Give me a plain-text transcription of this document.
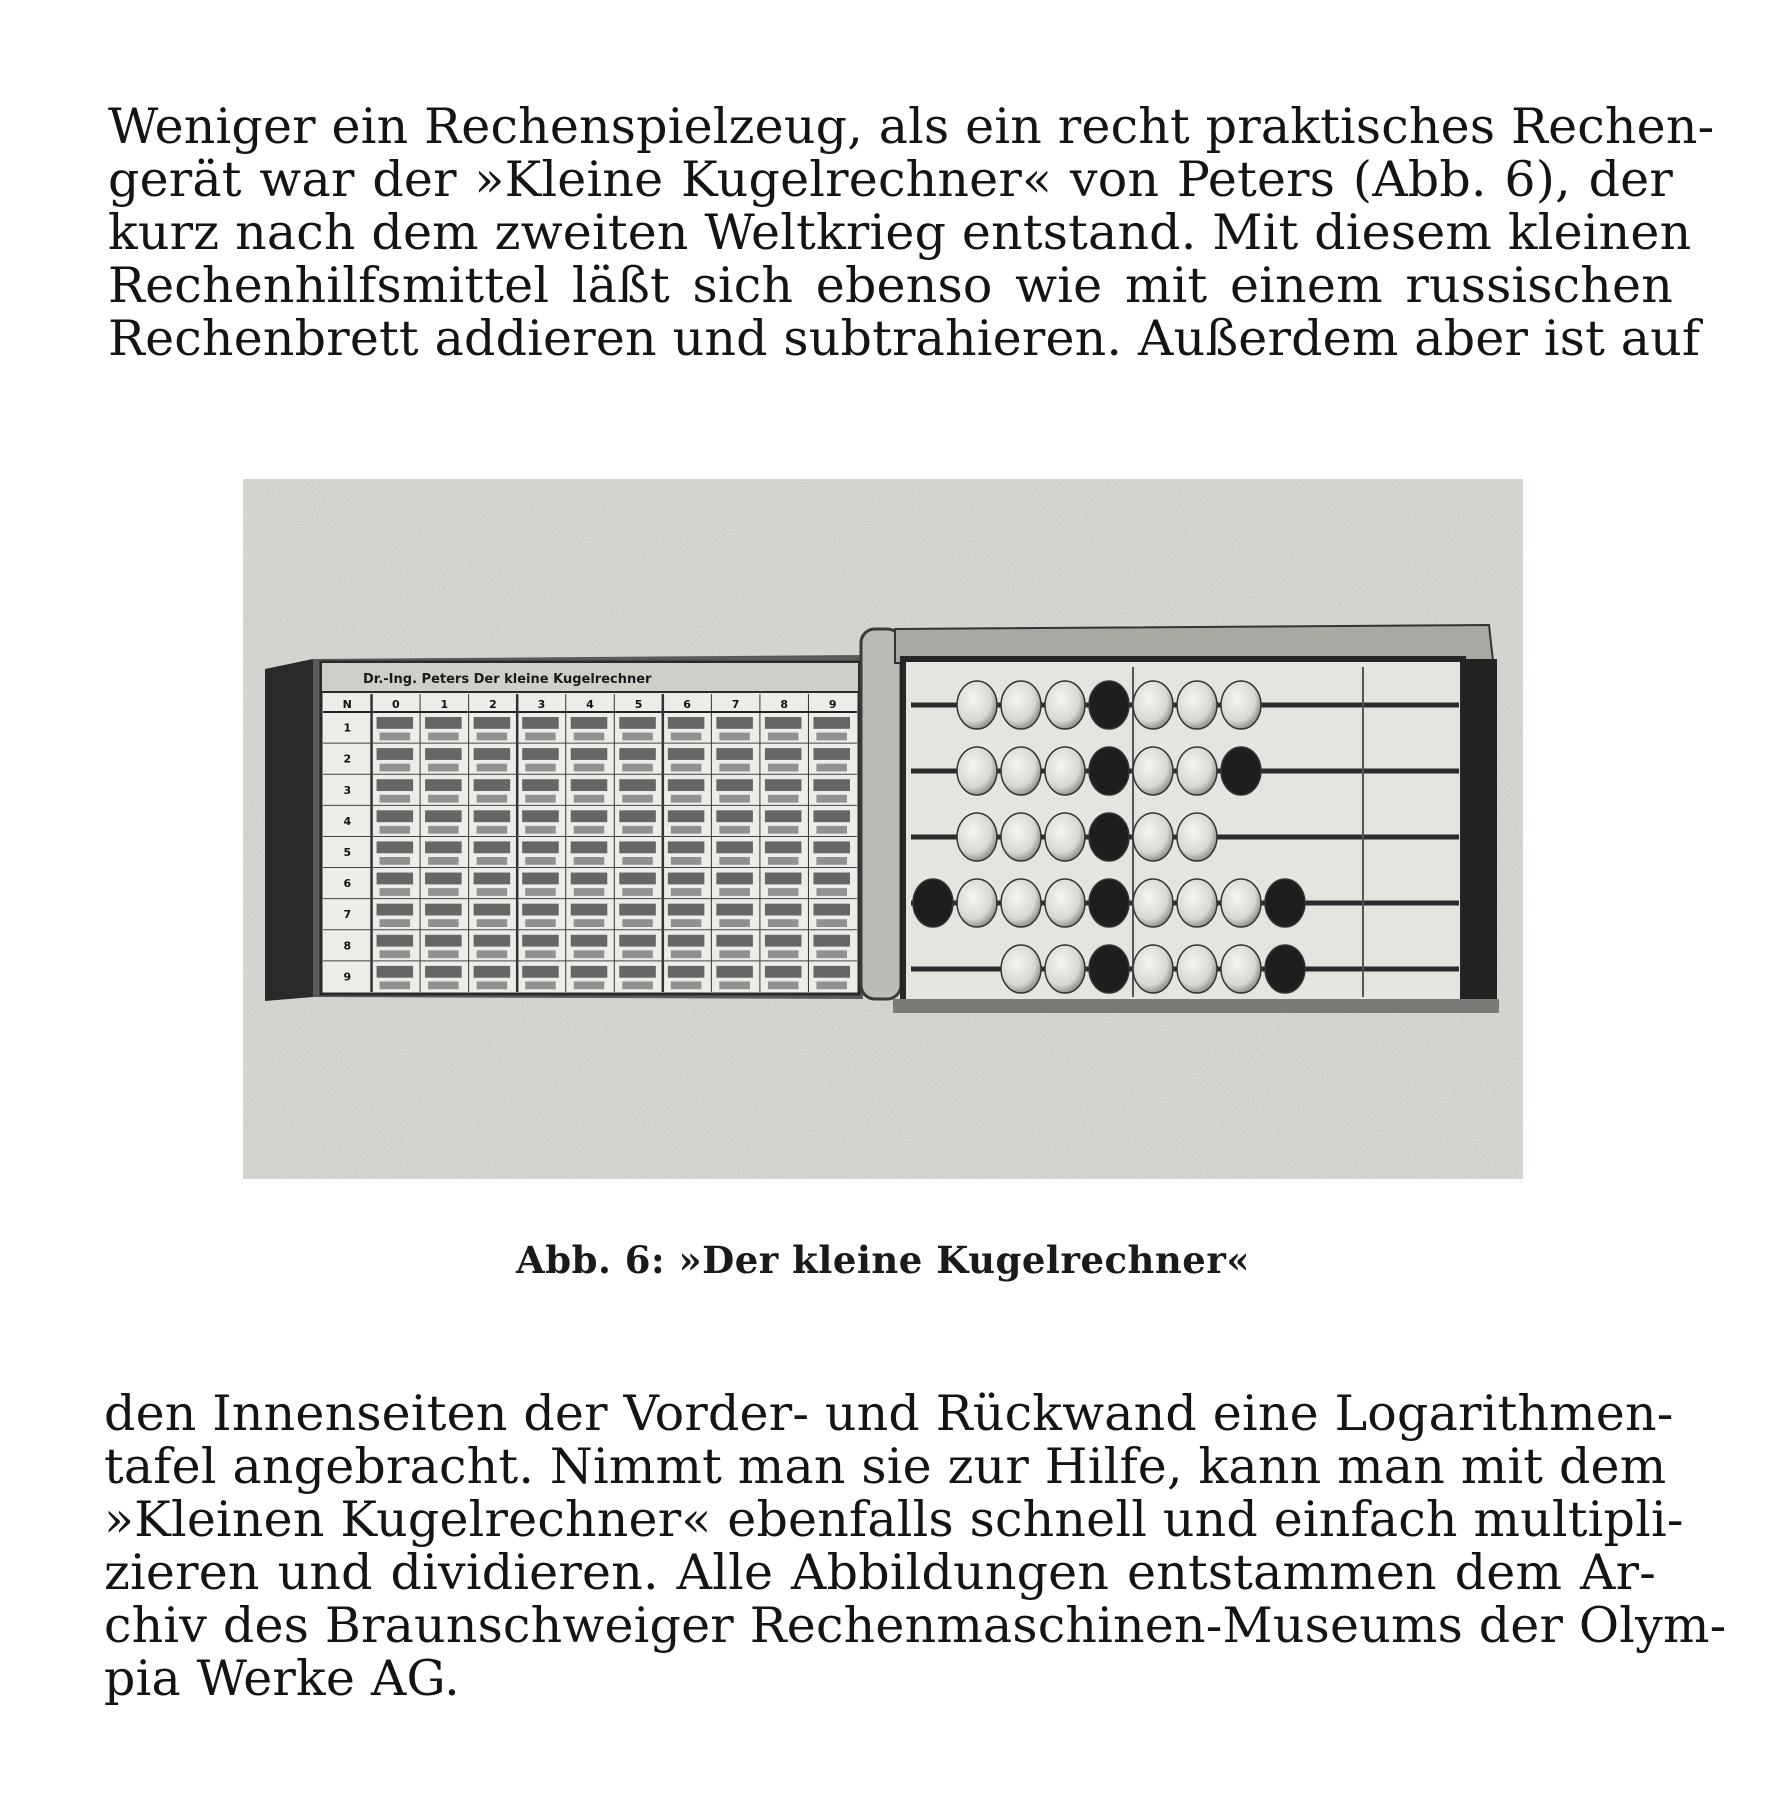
Weniger ein Rechenspielzeug, als ein recht praktisches Rechen-
gerät war der »Kleine Kugelrechner« von Peters (Abb. 6), der
kurz nach dem zweiten Weltkrieg entstand. Mit diesem kleinen
Rechenhilfsmittel läßt sich ebenso wie mit einem russischen
Rechenbrett addieren und subtrahieren. Außerdem aber ist auf
Dr.-Ing. Peters Der kleine Kugelrechner
N	0	1	2	3	4	5	6	7	8	9
1
2
3
4
5
6
7
8
9
Abb. 6: »Der kleine Kugelrechner«
den Innenseiten der Vorder- und Rückwand eine Logarithmen-
tafel angebracht. Nimmt man sie zur Hilfe, kann man mit dem
»Kleinen Kugelrechner« ebenfalls schnell und einfach multipli-
zieren und dividieren. Alle Abbildungen entstammen dem Ar-
chiv des Braunschweiger Rechenmaschinen-Museums der Olym-
pia Werke AG.
